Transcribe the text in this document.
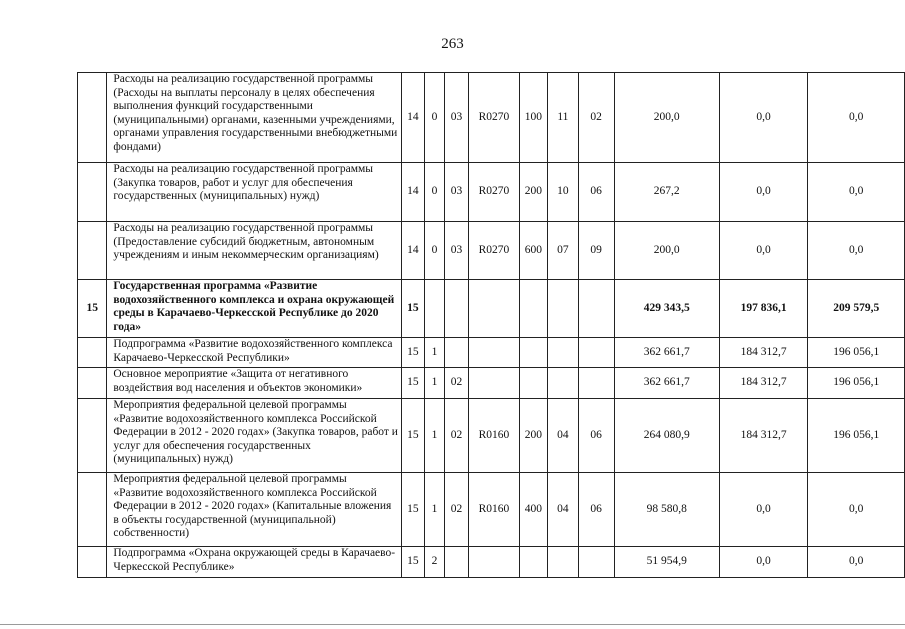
263
	Расходы на реализацию государственной программы (Расходы на выплаты персоналу в целях обеспечения выполнения функций государственными (муниципальными) органами, казенными учреждениями, органами управления государственными внебюджетными фондами)	14	0	03	R0270	100	11	02	200,0	0,0	0,0
	Расходы на реализацию государственной программы (Закупка товаров, работ и услуг для обеспечения государственных (муниципальных) нужд)	14	0	03	R0270	200	10	06	267,2	0,0	0,0
	Расходы на реализацию государственной программы (Предоставление субсидий бюджетным, автономным учреждениям и иным некоммерческим организациям)	14	0	03	R0270	600	07	09	200,0	0,0	0,0
15	Государственная программа «Развитие водохозяйственного комплекса и охрана окружающей среды в Карачаево-Черкесской Республике до 2020 года»	15							429 343,5	197 836,1	209 579,5
	Подпрограмма «Развитие водохозяйственного комплекса Карачаево-Черкесской Республики»	15	1						362 661,7	184 312,7	196 056,1
	Основное мероприятие «Защита от негативного воздействия вод населения и объектов экономики»	15	1	02					362 661,7	184 312,7	196 056,1
	Мероприятия федеральной целевой программы «Развитие водохозяйственного комплекса Российской Федерации в 2012 - 2020 годах» (Закупка товаров, работ и услуг для обеспечения государственных (муниципальных) нужд)	15	1	02	R0160	200	04	06	264 080,9	184 312,7	196 056,1
	Мероприятия федеральной целевой программы «Развитие водохозяйственного комплекса Российской Федерации в 2012 - 2020 годах» (Капитальные вложения в объекты государственной (муниципальной) собственности)	15	1	02	R0160	400	04	06	98 580,8	0,0	0,0
	Подпрограмма «Охрана окружающей среды в Карачаево-Черкесской Республике»	15	2						51 954,9	0,0	0,0
